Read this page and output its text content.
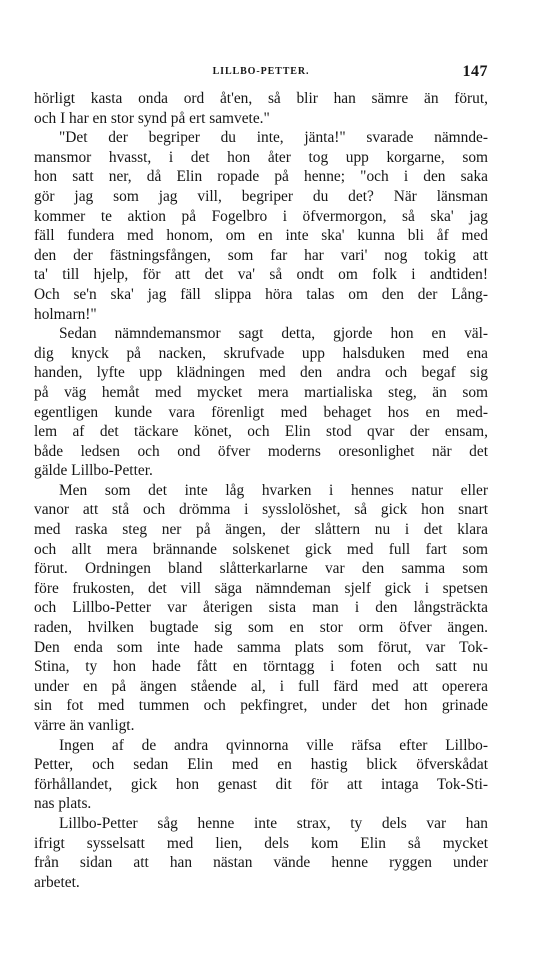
LILLBO-PETTER.	147

hörligt kasta onda ord åt'en, så blir han sämre än förut,
och I har en stor synd på ert samvete."

"Det der begriper du inte, jänta!" svarade nämnde-
mansmor hvasst, i det hon åter tog upp korgarne, som
hon satt ner, då Elin ropade på henne; "och i den saka
gör jag som jag vill, begriper du det? När länsman
kommer te aktion på Fogelbro i öfvermorgon, så ska' jag
fäll fundera med honom, om en inte ska' kunna bli åf med
den der fästningsfången, som far har vari' nog tokig att
ta' till hjelp, för att det va' så ondt om folk i andtiden!
Och se'n ska' jag fäll slippa höra talas om den der Lång-
holmarn!"

Sedan nämndemansmor sagt detta, gjorde hon en väl-
dig knyck på nacken, skrufvade upp halsduken med ena
handen, lyfte upp klädningen med den andra och begaf sig
på väg hemåt med mycket mera martialiska steg, än som
egentligen kunde vara förenligt med behaget hos en med-
lem af det täckare könet, och Elin stod qvar der ensam,
både ledsen och ond öfver moderns oresonlighet när det
gälde Lillbo-Petter.

Men som det inte låg hvarken i hennes natur eller
vanor att stå och drömma i sysslolöshet, så gick hon snart
med raska steg ner på ängen, der slåttern nu i det klara
och allt mera brännande solskenet gick med full fart som
förut. Ordningen bland slåtterkarlarne var den samma som
före frukosten, det vill säga nämndeman sjelf gick i spetsen
och Lillbo-Petter var återigen sista man i den långsträckta
raden, hvilken bugtade sig som en stor orm öfver ängen.
Den enda som inte hade samma plats som förut, var Tok-
Stina, ty hon hade fått en törntagg i foten och satt nu
under en på ängen stående al, i full färd med att operera
sin fot med tummen och pekfingret, under det hon grinade
värre än vanligt.

Ingen af de andra qvinnorna ville räfsa efter Lillbo-
Petter, och sedan Elin med en hastig blick öfverskådat
förhållandet, gick hon genast dit för att intaga Tok-Sti-
nas plats.

Lillbo-Petter såg henne inte strax, ty dels var han
ifrigt sysselsatt med lien, dels kom Elin så mycket
från sidan att han nästan vände henne ryggen under
arbetet.
